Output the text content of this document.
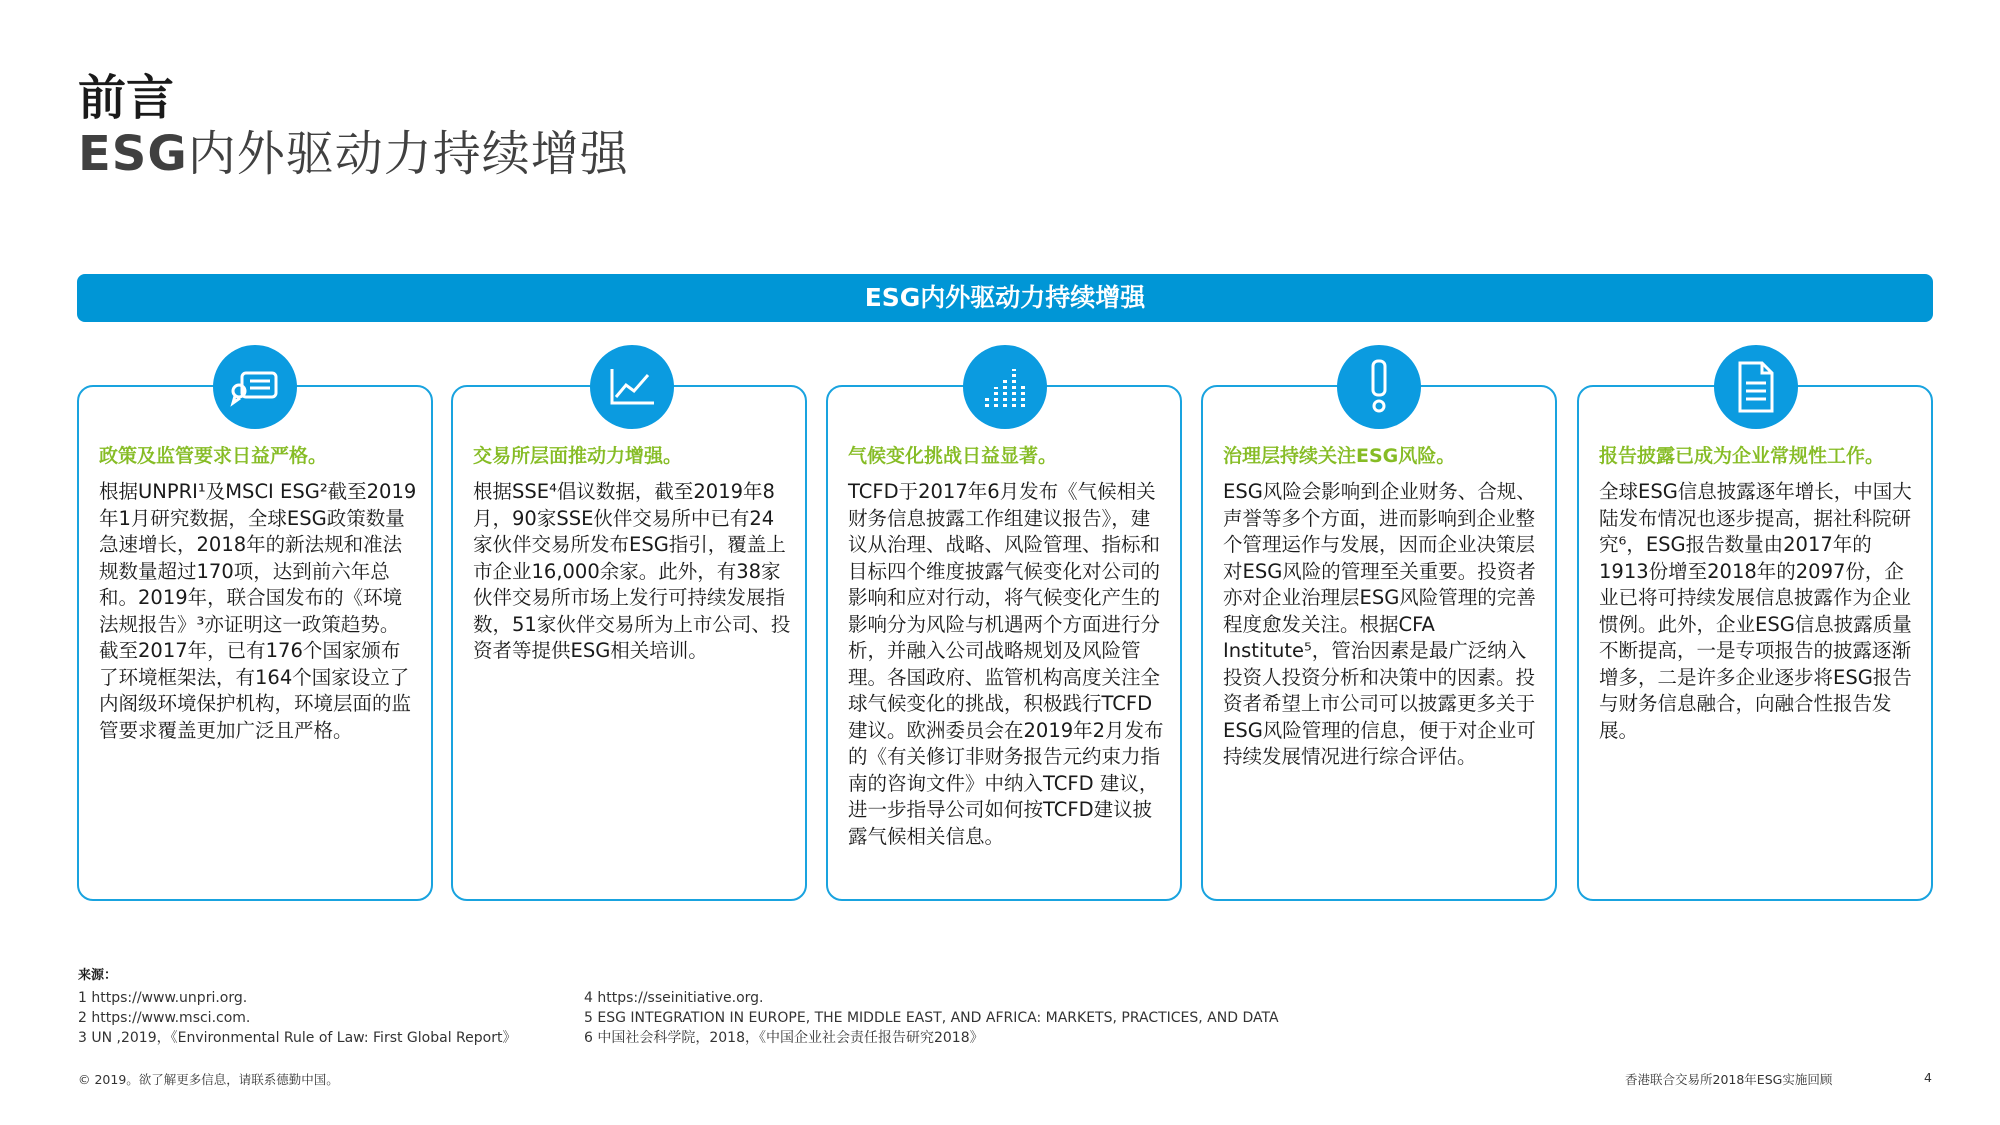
前言
ESG内外驱动力持续增强
ESG内外驱动力持续增强
政策及监管要求日益严格。
根据UNPRI¹及MSCI ESG²截至2019年1月研究数据，全球ESG政策数量急速增长，2018年的新法规和准法规数量超过170项，达到前六年总和。2019年，联合国发布的《环境法规报告》³亦证明这一政策趋势。截至2017年，已有176个国家颁布了环境框架法，有164个国家设立了内阁级环境保护机构，环境层面的监管要求覆盖更加广泛且严格。
交易所层面推动力增强。
根据SSE⁴倡议数据，截至2019年8月，90家SSE伙伴交易所中已有24家伙伴交易所发布ESG指引，覆盖上市企业16,000余家。此外，有38家伙伴交易所市场上发行可持续发展指数，51家伙伴交易所为上市公司、投资者等提供ESG相关培训。
气候变化挑战日益显著。
TCFD于2017年6月发布《气候相关财务信息披露工作组建议报告》，建议从治理、战略、风险管理、指标和目标四个维度披露气候变化对公司的影响和应对行动，将气候变化产生的影响分为风险与机遇两个方面进行分析，并融入公司战略规划及风险管理。各国政府、监管机构高度关注全球气候变化的挑战，积极践行TCFD建议。欧洲委员会在2019年2月发布的《有关修订非财务报告元约束力指南的咨询文件》中纳入TCFD 建议，进一步指导公司如何按TCFD建议披露气候相关信息。
治理层持续关注ESG风险。
ESG风险会影响到企业财务、合规、声誉等多个方面，进而影响到企业整个管理运作与发展，因而企业决策层对ESG风险的管理至关重要。投资者亦对企业治理层ESG风险管理的完善程度愈发关注。根据CFA Institute⁵，管治因素是最广泛纳入投资人投资分析和决策中的因素。投资者希望上市公司可以披露更多关于ESG风险管理的信息，便于对企业可持续发展情况进行综合评估。
报告披露已成为企业常规性工作。
全球ESG信息披露逐年增长，中国大陆发布情况也逐步提高，据社科院研究⁶，ESG报告数量由2017年的1913份增至2018年的2097份，企业已将可持续发展信息披露作为企业惯例。此外，企业ESG信息披露质量不断提高，一是专项报告的披露逐渐增多，二是许多企业逐步将ESG报告与财务信息融合，向融合性报告发展。
来源：
1 https://www.unpri.org.
2 https://www.msci.com.
3 UN ,2019，《Environmental Rule of Law: First Global Report》
4 https://sseinitiative.org.
5 ESG INTEGRATION IN EUROPE, THE MIDDLE EAST, AND AFRICA: MARKETS, PRACTICES, AND DATA
6 中国社会科学院，2018，《中国企业社会责任报告研究2018》
© 2019。欲了解更多信息，请联系德勤中国。	香港联合交易所2018年ESG实施回顾	4
